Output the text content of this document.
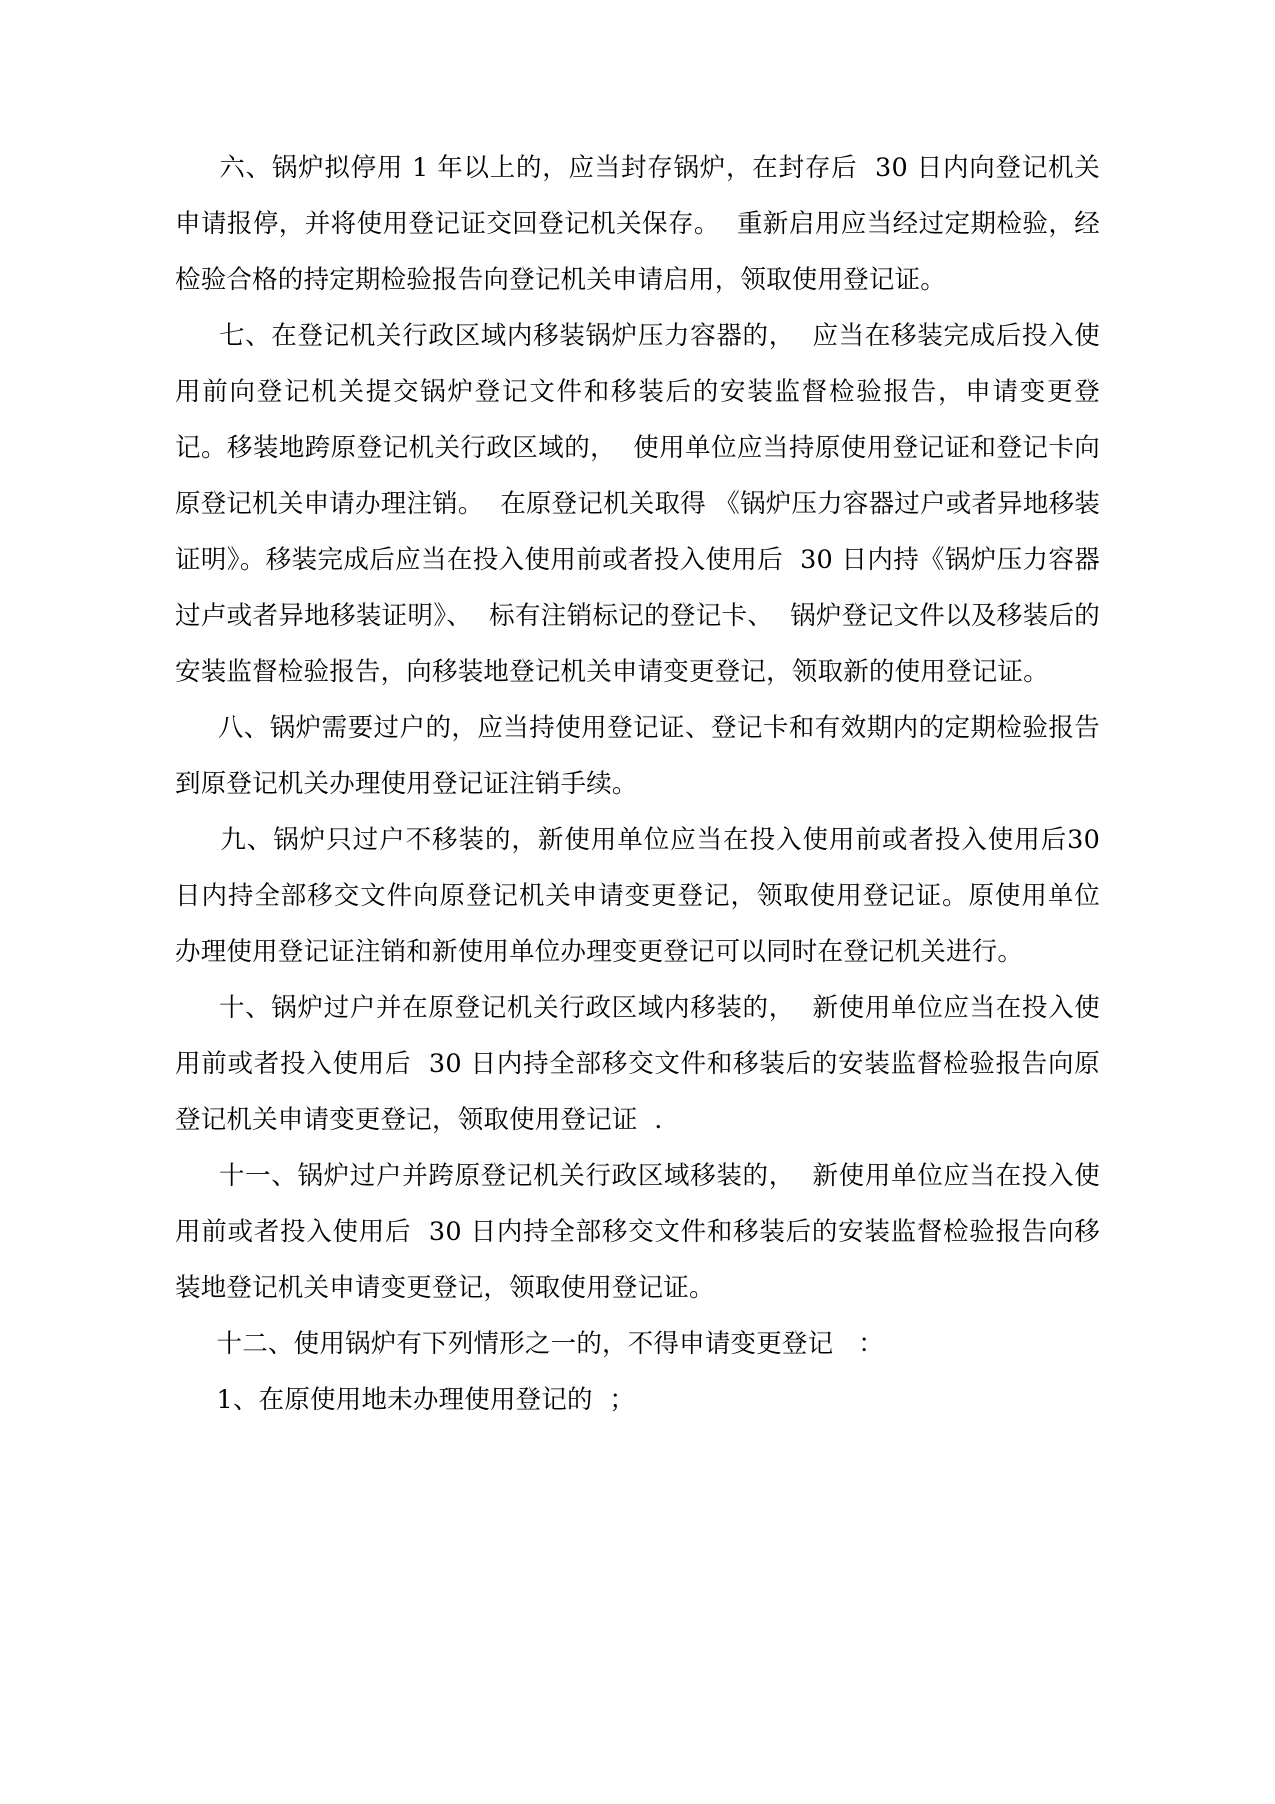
六、锅炉拟停用 1 年以上的，应当封存锅炉，在封存后  30 日内向登记机关申请报停，并将使用登记证交回登记机关保存。  重新启用应当经过定期检验，经检验合格的持定期检验报告向登记机关申请启用，领取使用登记证。

七、在登记机关行政区域内移装锅炉压力容器的，  应当在移装完成后投入使用前向登记机关提交锅炉登记文件和移装后的安装监督检验报告，申请变更登记。移装地跨原登记机关行政区域的，  使用单位应当持原使用登记证和登记卡向原登记机关申请办理注销。  在原登记机关取得 《锅炉压力容器过户或者异地移装证明》。移装完成后应当在投入使用前或者投入使用后  30 日内持《锅炉压力容器过卢或者异地移装证明》、  标有注销标记的登记卡、  锅炉登记文件以及移装后的安装监督检验报告，向移装地登记机关申请变更登记，领取新的使用登记证。

八、锅炉需要过户的，应当持使用登记证、登记卡和有效期内的定期检验报告到原登记机关办理使用登记证注销手续。

九、锅炉只过户不移装的，新使用单位应当在投入使用前或者投入使用后30 日内持全部移交文件向原登记机关申请变更登记，领取使用登记证。原使用单位办理使用登记证注销和新使用单位办理变更登记可以同时在登记机关进行。

十、锅炉过户并在原登记机关行政区域内移装的，  新使用单位应当在投入使用前或者投入使用后  30 日内持全部移交文件和移装后的安装监督检验报告向原登记机关申请变更登记，领取使用登记证  .

十一、锅炉过户并跨原登记机关行政区域移装的，  新使用单位应当在投入使用前或者投入使用后  30 日内持全部移交文件和移装后的安装监督检验报告向移装地登记机关申请变更登记，领取使用登记证。

十二、使用锅炉有下列情形之一的，不得申请变更登记   ：

1、在原使用地未办理使用登记的  ；
